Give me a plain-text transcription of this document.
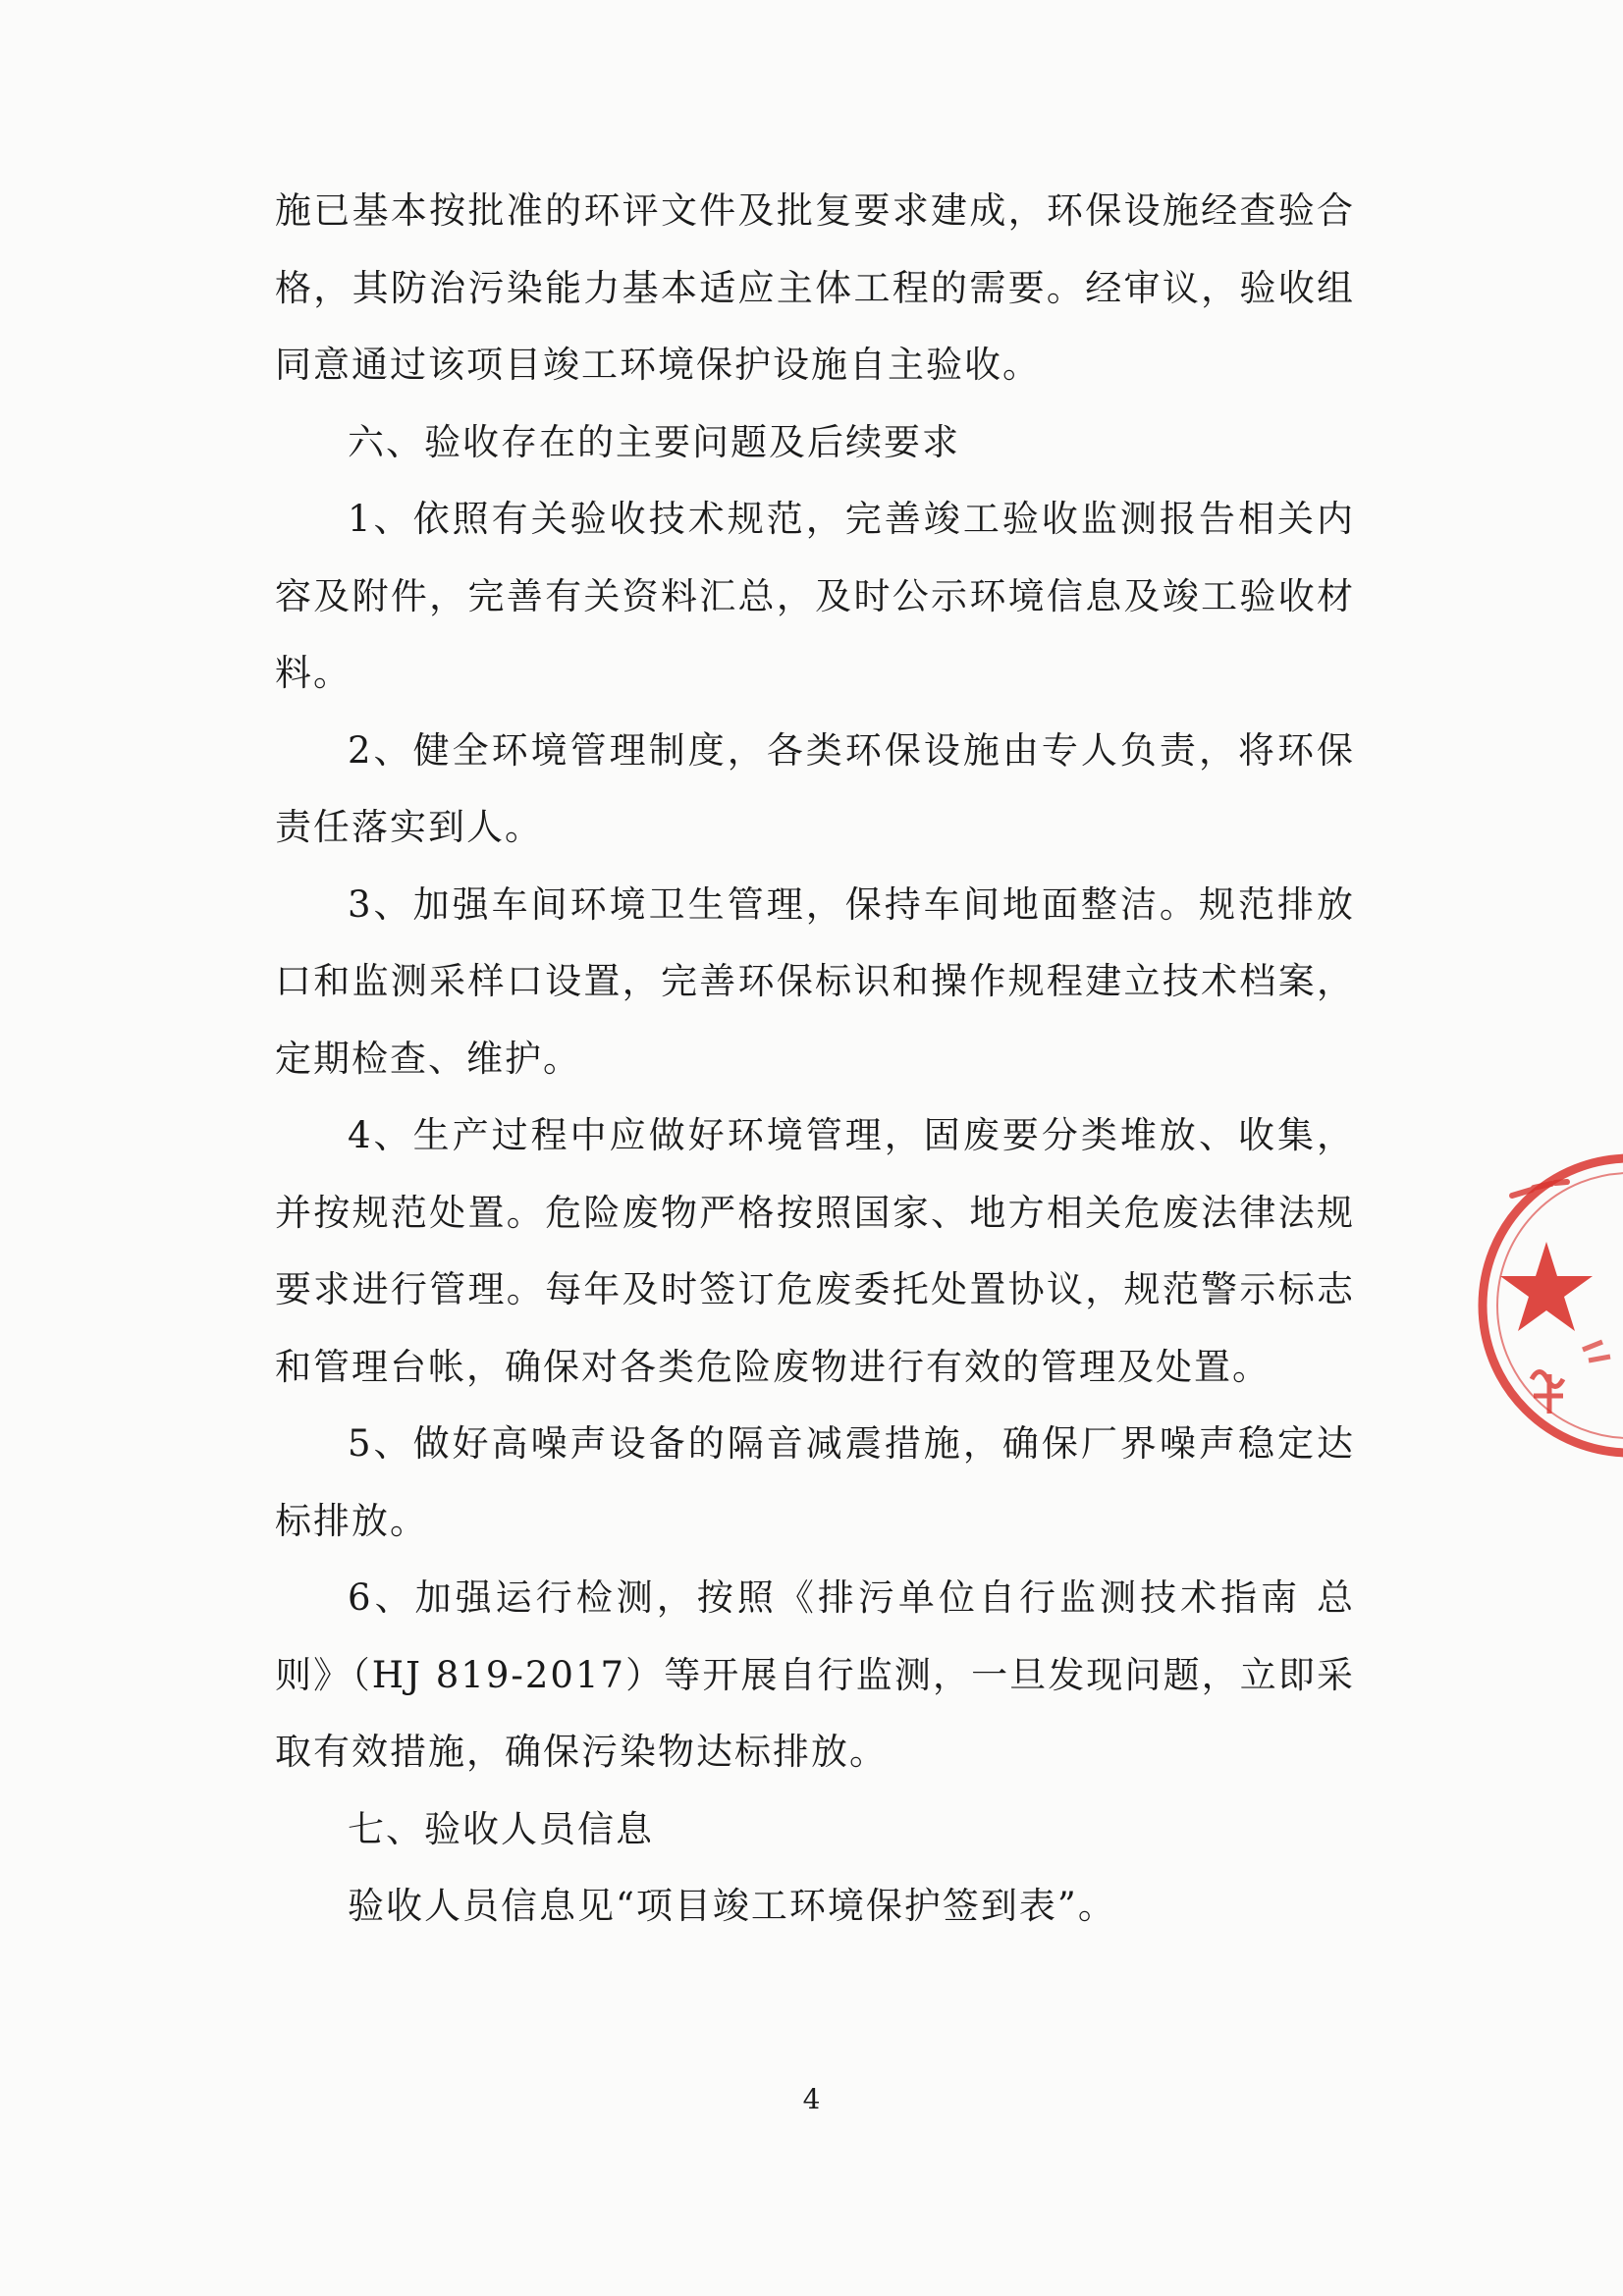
施已基本按批准的环评文件及批复要求建成，环保设施经查验合格，其防治污染能力基本适应主体工程的需要。经审议，验收组同意通过该项目竣工环境保护设施自主验收。

六、验收存在的主要问题及后续要求

1、依照有关验收技术规范，完善竣工验收监测报告相关内容及附件，完善有关资料汇总，及时公示环境信息及竣工验收材料。

2、健全环境管理制度，各类环保设施由专人负责，将环保责任落实到人。

3、加强车间环境卫生管理，保持车间地面整洁。规范排放口和监测采样口设置，完善环保标识和操作规程建立技术档案，定期检查、维护。

4、生产过程中应做好环境管理，固废要分类堆放、收集，并按规范处置。危险废物严格按照国家、地方相关危废法律法规要求进行管理。每年及时签订危废委托处置协议，规范警示标志和管理台帐，确保对各类危险废物进行有效的管理及处置。

5、做好高噪声设备的隔音减震措施，确保厂界噪声稳定达标排放。

6、加强运行检测，按照《排污单位自行监测技术指南 总则》（HJ 819-2017）等开展自行监测，一旦发现问题，立即采取有效措施，确保污染物达标排放。

七、验收人员信息

验收人员信息见“项目竣工环境保护签到表”。

4
